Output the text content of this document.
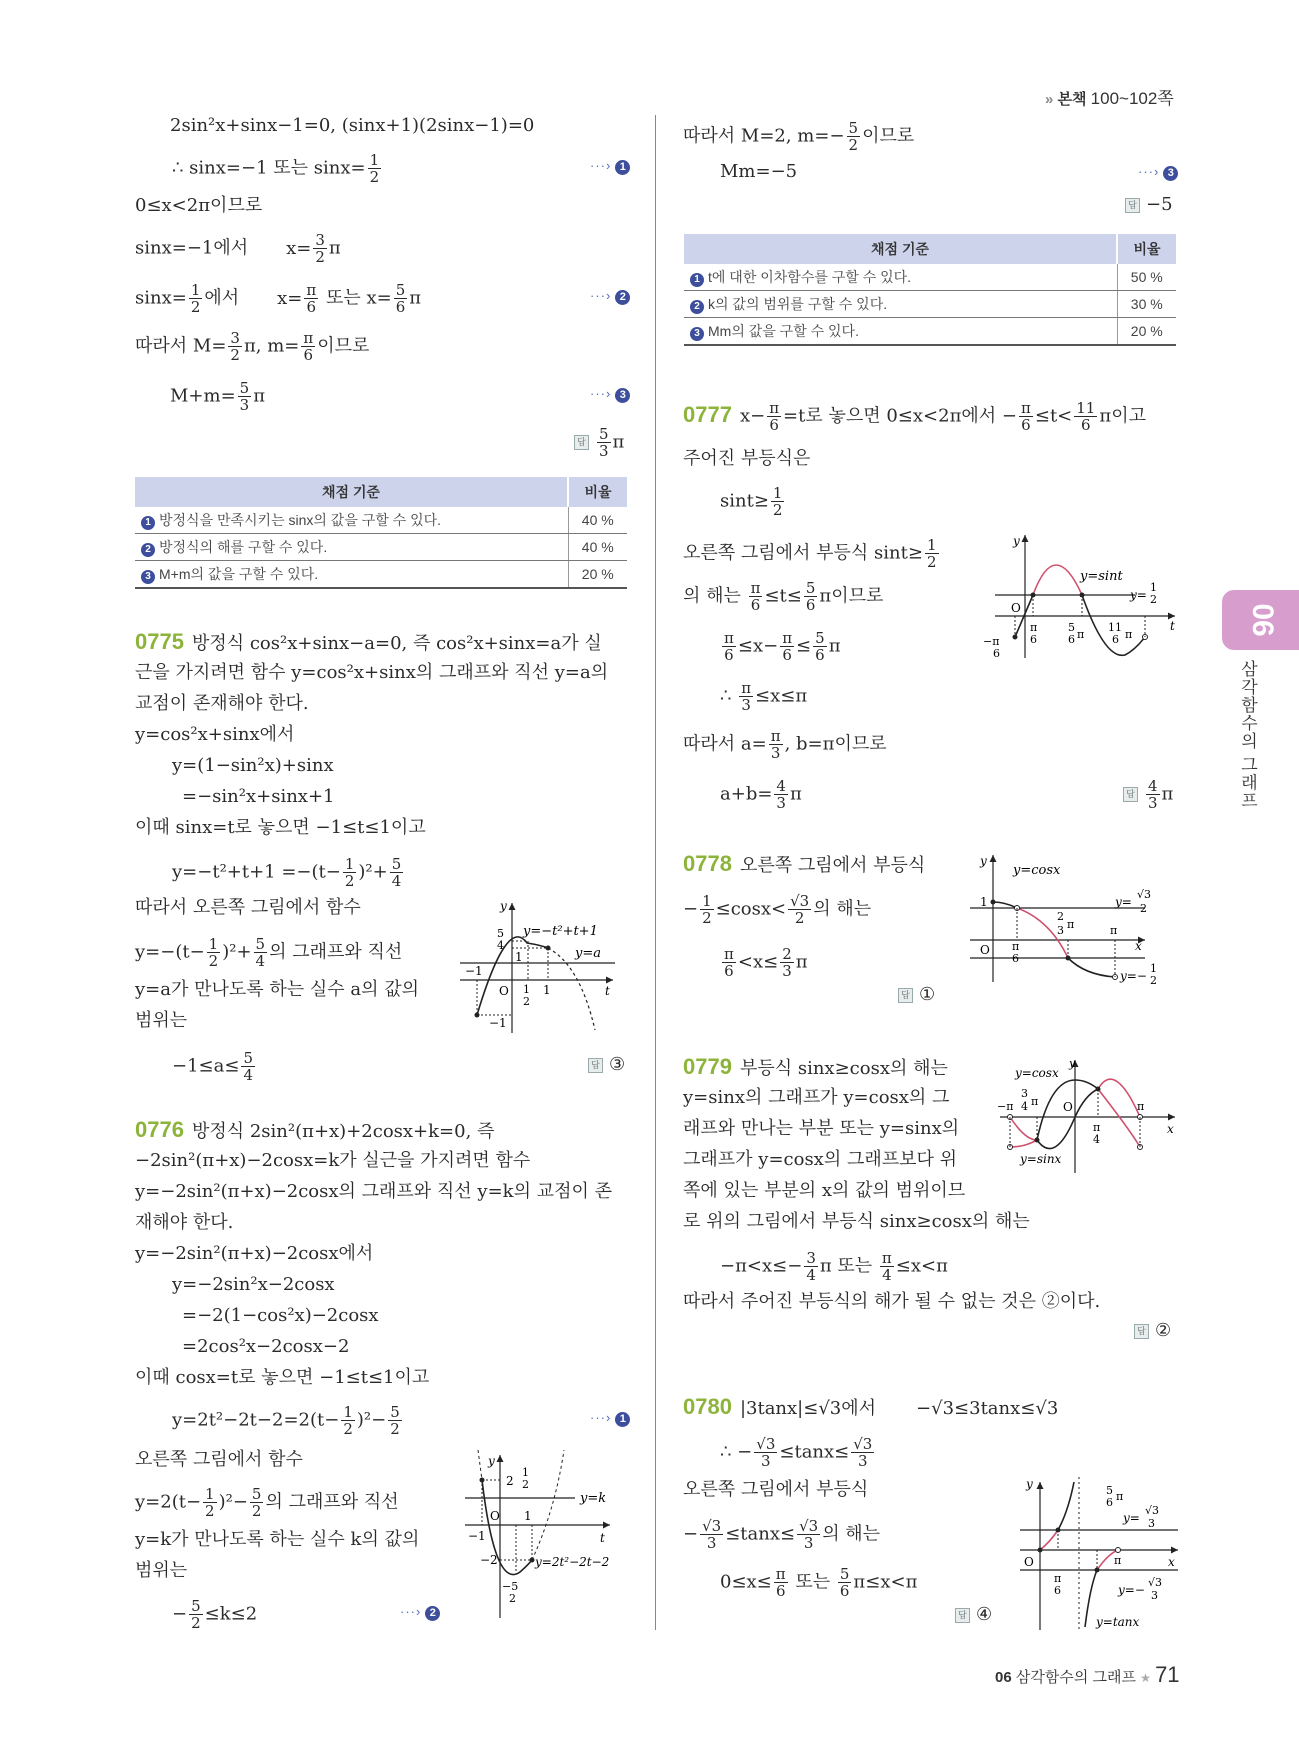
» 본책 100~102쪽
06
삼각함수의 그래프
2sin²x+sinx−1=0, (sinx+1)(2sinx−1)=0
∴ sinx=−1 또는 $\sin x= \frac{1}{2}$	···› 1
0≤x<2π이므로
sinx=−1에서 $x= \frac{3}{2}$ π
$\sin x= \frac{1}{2}$ 에서 $x= \frac{\pi}{6}$ 또는 $x= \frac{5}{6}$ π	···› 2
따라서 $M= \frac{3}{2} \pi$, $m= \frac{\pi}{6}$ 이므로
$M+m= \frac{5}{3}$ π	···› 3
답 $\frac{5}{3}$ π
채점 기준	비율
1 방정식을 만족시키는 sinx의 값을 구할 수 있다.	40 %
2 방정식의 해를 구할 수 있다.	40 %
3 M+m의 값을 구할 수 있다.	20 %
0775 방정식 cos²x+sinx−a=0, 즉 cos²x+sinx=a가 실
근을 가지려면 함수 y=cos²x+sinx의 그래프와 직선 y=a의
교점이 존재해야 한다.
y=cos²x+sinx에서
y=(1−sin²x)+sinx
=−sin²x+sinx+1
이때 sinx=t로 놓으면 −1≤t≤1이고
$y=-t^2+t+1 =-(t- \frac{1}{2} )^2+ \frac{5}{4}$
따라서 오른쪽 그림에서 함수
$y=-(t- \frac{1}{2} )^2+ \frac{5}{4}$ 의 그래프와 직선
y=a가 만나도록 하는 실수 a의 값의
범위는
$-1\le a\le \frac{5}{4}$	답 ③
y=−t²+t+1
y=a
y
5
4
1
−1
O 1
2
1	t
−1
0776 방정식 2sin²(π+x)+2cosx+k=0, 즉
−2sin²(π+x)−2cosx=k가 실근을 가지려면 함수
y=−2sin²(π+x)−2cosx의 그래프와 직선 y=k의 교점이 존
재해야 한다.
y=−2sin²(π+x)−2cosx에서
y=−2sin²x−2cosx
=−2(1−cos²x)−2cosx
=2cos²x−2cosx−2
이때 cosx=t로 놓으면 −1≤t≤1이고
$y=2t^2-2t-2=2(t- \frac{1}{2} )^2- \frac{5}{2}$	···› 1
오른쪽 그림에서 함수
$y=2(t- \frac{1}{2} )^2- \frac{5}{2}$ 의 그래프와 직선
y=k가 만나도록 하는 실수 k의 값의
범위는
− $\frac{5}{2} \le k\le 2$	···› 2
y
2
1
2
y=k
O 1
−1	t
−2	y=2t²−2t−2
−5
2
따라서 M=2, $m=- \frac{5}{2}$ 이므로
Mm=−5	···› 3
답 −5
채점 기준	비율
1 t에 대한 이차함수를 구할 수 있다.	50 %
2 k의 값의 범위를 구할 수 있다.	30 %
3 Mm의 값을 구할 수 있다.	20 %
0777 $x- \frac{\pi}{6} =t$로 놓으면 0≤x<2π에서 − $\frac{\pi}{6} \le t< \frac{11}{6}$ π이고
주어진 부등식은
$\sin t\ge \frac{1}{2}$
오른쪽 그림에서 부등식 $\sin t\ge \frac{1}{2}$
의 해는 $\frac{\pi}{6} \le t\le \frac{5}{6}$ π이므로
$\frac{\pi}{6} \le x- \frac{\pi}{6} \le \frac{5}{6}$ π
∴ $\frac{\pi}{3} \le x\le\pi$
따라서 $a= \frac{\pi}{3}$ , b=π이므로
$a+b= \frac{4}{3}$ π	답 $\frac{4}{3}$ π
y
y=sint
y=
1
2
O
π
6
5
6 π
11
6 π
t
−π
6
0778 오른쪽 그림에서 부등식
− $\frac{1}{2} \le\cos x< \frac{√3}{2}$ 의 해는
$\frac{\pi}{6} <x\le \frac{2}{3}$ π
답 ①
y
y=cosx
1	y=
√3
2
2
3 π	π
O π
6
x
y=−
1
2
0779 부등식 sinx≥cosx의 해는
y=sinx의 그래프가 y=cosx의 그
래프와 만나는 부분 또는 y=sinx의
그래프가 y=cosx의 그래프보다 위
쪽에 있는 부분의 x의 값의 범위이므
로 위의 그림에서 부등식 sinx≥cosx의 해는
$-\pi<x\le- \frac{3}{4}$ π 또는 $\frac{\pi}{4} \le x<\pi$
따라서 주어진 부등식의 해가 될 수 없는 것은 ②이다.
답 ②
y
y=cosx
−π
3
4 π O	π
π
4
x
y=sinx
0780 |3tanx|≤√3에서 −√3≤3tanx≤√3
∴ − $\frac{√3}{3} \le\tan x\le \frac{√3}{3}$
오른쪽 그림에서 부등식
− $\frac{√3}{3} \le\tan x\le \frac{√3}{3}$ 의 해는
$0\le x\le \frac{\pi}{6}$ 또는 $\frac{5}{6} \pi\le x<\pi$
답 ④
y	5
6 π
y=
√3
3
O	π	x
π
6	y=−
√3
3
y=tanx
06 삼각함수의 그래프 ★ 71
